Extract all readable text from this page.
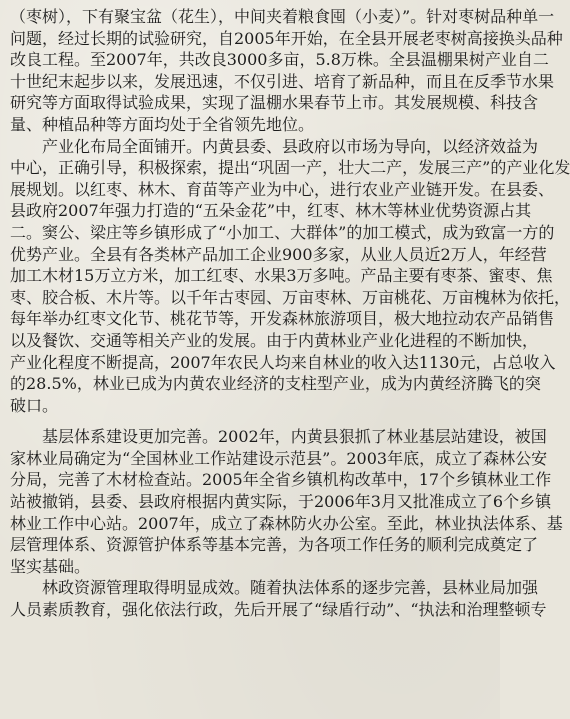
（枣树），下有聚宝盆（花生），中间夹着粮食囤（小麦）”。针对枣树品种单一
问题，经过长期的试验研究，自2005年开始，在全县开展老枣树高接换头品种
改良工程。至2007年，共改良3000多亩，5.8万株。全县温棚果树产业自二
十世纪末起步以来，发展迅速，不仅引进、培育了新品种，而且在反季节水果
研究等方面取得试验成果，实现了温棚水果春节上市。其发展规模、科技含
量、种植品种等方面均处于全省领先地位。
产业化布局全面铺开。内黄县委、县政府以市场为导向，以经济效益为
中心，正确引导，积极探索，提出“巩固一产，壮大二产，发展三产”的产业化发
展规划。以红枣、林木、育苗等产业为中心，进行农业产业链开发。在县委、
县政府2007年强力打造的“五朵金花”中，红枣、林木等林业优势资源占其
二。窦公、梁庄等乡镇形成了“小加工、大群体”的加工模式，成为致富一方的
优势产业。全县有各类林产品加工企业900多家，从业人员近2万人，年经营
加工木材15万立方米，加工红枣、水果3万多吨。产品主要有枣茶、蜜枣、焦
枣、胶合板、木片等。以千年古枣园、万亩枣林、万亩桃花、万亩槐林为依托，
每年举办红枣文化节、桃花节等，开发森林旅游项目，极大地拉动农产品销售
以及餐饮、交通等相关产业的发展。由于内黄林业产业化进程的不断加快，
产业化程度不断提高，2007年农民人均来自林业的收入达1130元，占总收入
的28.5%，林业已成为内黄农业经济的支柱型产业，成为内黄经济腾飞的突
破口。
基层体系建设更加完善。2002年，内黄县狠抓了林业基层站建设，被国
家林业局确定为“全国林业工作站建设示范县”。2003年底，成立了森林公安
分局，完善了木材检查站。2005年全省乡镇机构改革中，17个乡镇林业工作
站被撤销，县委、县政府根据内黄实际，于2006年3月又批准成立了6个乡镇
林业工作中心站。2007年，成立了森林防火办公室。至此，林业执法体系、基
层管理体系、资源管护体系等基本完善，为各项工作任务的顺利完成奠定了
坚实基础。
林政资源管理取得明显成效。随着执法体系的逐步完善，县林业局加强
人员素质教育，强化依法行政，先后开展了“绿盾行动”、“执法和治理整顿专
